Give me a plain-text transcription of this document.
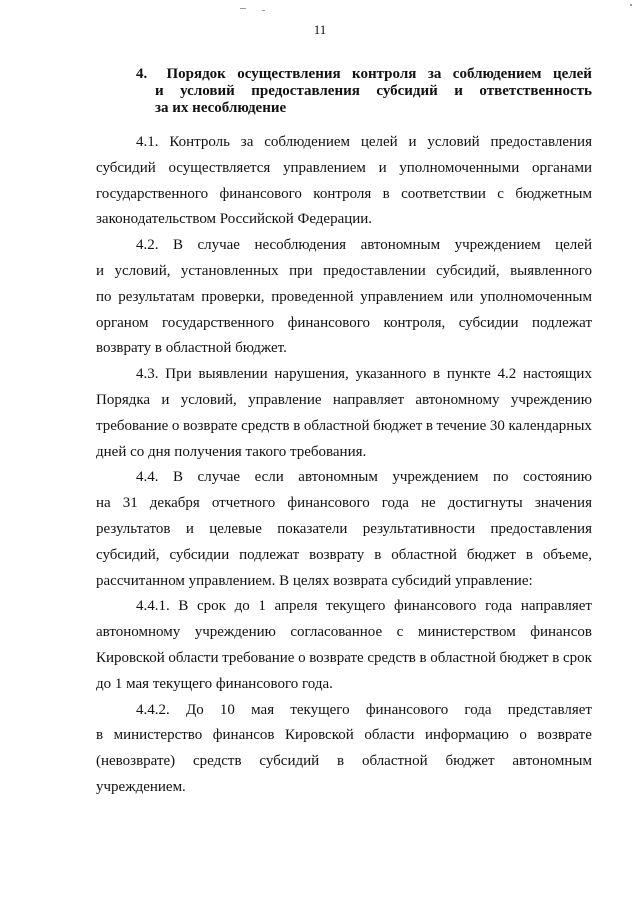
11
4.	Порядок осуществления контроля за соблюдением целей
и условий предоставления субсидий и ответственность
за их несоблюдение
4.1. Контроль за соблюдением целей и условий предоставления
субсидий осуществляется управлением и уполномоченными органами
государственного финансового контроля в соответствии с бюджетным
законодательством Российской Федерации.
4.2. В случае несоблюдения автономным учреждением целей
и условий, установленных при предоставлении субсидий, выявленного
по результатам проверки, проведенной управлением или уполномоченным
органом государственного финансового контроля, субсидии подлежат
возврату в областной бюджет.
4.3. При выявлении нарушения, указанного в пункте 4.2 настоящих
Порядка и условий, управление направляет автономному учреждению
требование о возврате средств в областной бюджет в течение 30 календарных
дней со дня получения такого требования.
4.4. В случае если автономным учреждением по состоянию
на 31 декабря отчетного финансового года не достигнуты значения
результатов и целевые показатели результативности предоставления
субсидий, субсидии подлежат возврату в областной бюджет в объеме,
рассчитанном управлением. В целях возврата субсидий управление:
4.4.1. В срок до 1 апреля текущего финансового года направляет
автономному учреждению согласованное с министерством финансов
Кировской области требование о возврате средств в областной бюджет в срок
до 1 мая текущего финансового года.
4.4.2. До 10 мая текущего финансового года представляет
в министерство финансов Кировской области информацию о возврате
(невозврате) средств субсидий в областной бюджет автономным
учреждением.
